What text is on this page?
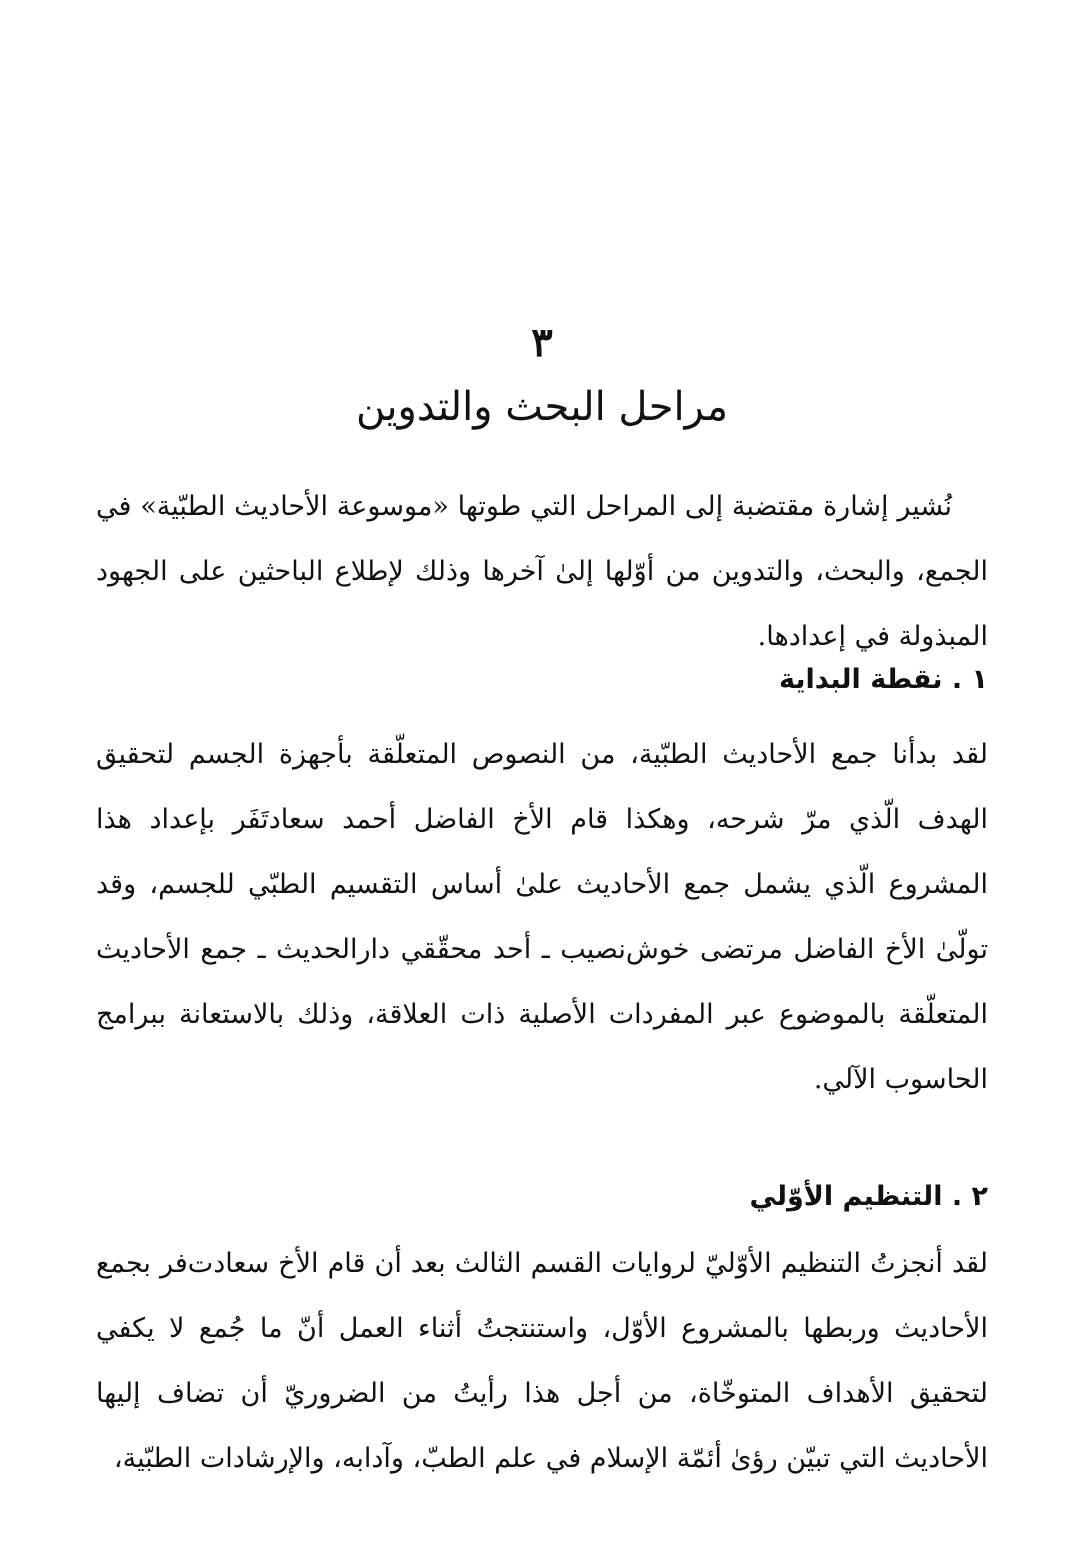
٣
مراحل البحث والتدوين

نُشير إشارة مقتضبة إلى المراحل التي طوتها «موسوعة الأحاديث الطبّية» في الجمع، والبحث، والتدوين من أوّلها إلىٰ آخرها وذلك لإطلاع الباحثين على الجهود المبذولة في إعدادها.

١ . نقطة البداية

لقد بدأنا جمع الأحاديث الطبّية، من النصوص المتعلّقة بأجهزة الجسم لتحقيق الهدف الّذي مرّ شرحه، وهكذا قام الأخ الفاضل أحمد سعادتَفَر بإعداد هذا المشروع الّذي يشمل جمع الأحاديث علىٰ أساس التقسيم الطبّي للجسم، وقد تولّىٰ الأخ الفاضل مرتضى خوش‌نصيب ـ أحد محقّقي دارالحديث ـ جمع الأحاديث المتعلّقة بالموضوع عبر المفردات الأصلية ذات العلاقة، وذلك بالاستعانة ببرامج الحاسوب الآلي.

٢ . التنظيم الأوّلي

لقد أنجزتُ التنظيم الأوّليّ لروايات القسم الثالث بعد أن قام الأخ سعادت‌فر بجمع الأحاديث وربطها بالمشروع الأوّل، واستنتجتُ أثناء العمل أنّ ما جُمع لا يكفي لتحقيق الأهداف المتوخّاة، من أجل هذا رأيتُ من الضروريّ أن تضاف إليها الأحاديث التي تبيّن رؤىٰ أئمّة الإسلام في علم الطبّ، وآدابه، والإرشادات الطبّية،
